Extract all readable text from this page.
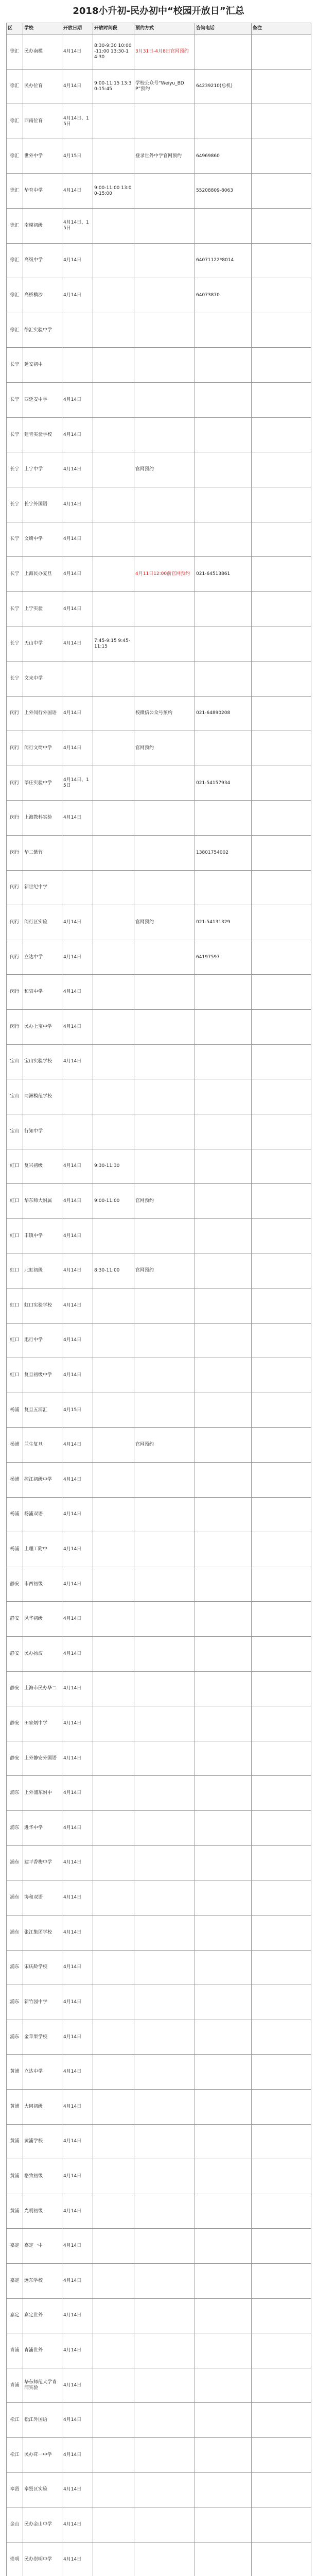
2018小升初-民办初中“校园开放日”汇总
区	学校	开放日期	开放时间段	预约方式	咨询电话	备注
徐汇	民办南模	4月14日	8:30-9:30 10:00-11:00 13:30-14:30	3月31日-4月8日官网预约		
徐汇	民办位育	4月14日	9:00-11:15 13:30-15:45	学校公众号“Weiyu_BDP”预约	64239210(总机)	
徐汇	西南位育	4月14日、15日				
徐汇	世外中学	4月15日		登录世外中学官网预约	64969860	
徐汇	华育中学	4月14日	9:00-11:00 13:00-15:00		55208809-8063	
徐汇	南模初级	4月14日、15日				
徐汇	高级中学	4月14日			64071122*8014	
徐汇	高桥横沙	4月14日			64073870	
徐汇	徐汇实验中学					
长宁	延安初中					
长宁	西延安中学	4月14日				
长宁	建青实验学校	4月14日				
长宁	上宁中学	4月14日		官网预约		
长宁	长宁外国语	4月14日				
长宁	文绮中学	4月14日				
长宁	上海民办复旦	4月14日		4月11日12:00前官网预约	021-64513861	
长宁	上宁实验	4月14日				
长宁	天山中学	4月14日	7:45-9:15 9:45-11:15			
长宁	文来中学					
闵行	上外闵行外国语	4月14日		校微信公众号预约	021-64890208	
闵行	闵行文绮中学	4月14日		官网预约		
闵行	莘庄实验中学	4月14日、15日			021-54157934	
闵行	上海教科实验	4月14日				
闵行	华二紫竹				13801754002	
闵行	新世纪中学					
闵行	闵行区实验	4月14日		官网预约	021-54131329	
闵行	立达中学	4月14日			64197597	
闵行	和衷中学	4月14日				
闵行	民办上宝中学	4月14日				
宝山	宝山实验学校	4月14日				
宝山	同洲模范学校					
宝山	行知中学					
虹口	复兴初级	4月14日	9:30-11:30			
虹口	华东师大附属	4月14日	9:00-11:00	官网预约		
虹口	丰镇中学	4月14日				
虹口	北虹初级	4月14日	8:30-11:00	官网预约		
虹口	虹口实验学校	4月14日				
虹口	迅行中学	4月14日				
虹口	复旦初级中学	4月14日				
杨浦	复旦五浦汇	4月15日				
杨浦	兰生复旦	4月14日		官网预约		
杨浦	控江初级中学	4月14日				
杨浦	杨浦双语	4月14日				
杨浦	上理工附中	4月14日				
静安	市西初级	4月14日				
静安	风华初级	4月14日				
静安	民办扬波	4月14日				
静安	上海市民办华二	4月14日				
静安	田家炳中学	4月14日				
静安	上外静安外国语	4月14日				
浦东	上外浦东附中	4月14日				
浦东	进华中学	4月14日				
浦东	建平香梅中学	4月14日				
浦东	协和双语	4月14日				
浦东	张江集团学校	4月14日				
浦东	宋庆龄学校	4月14日				
浦东	新竹园中学	4月14日				
浦东	金苹果学校	4月14日				
黄浦	立达中学	4月14日				
黄浦	大同初级	4月14日				
黄浦	黄浦学校	4月14日				
黄浦	格致初级	4月14日				
黄浦	光明初级	4月14日				
嘉定	嘉定一中	4月14日				
嘉定	远东学校	4月14日				
嘉定	嘉定世外	4月14日				
青浦	青浦世外	4月14日				
青浦	华东师范大学青浦实验	4月14日				
松江	松江外国语	4月14日				
松江	民办茸一中学	4月14日				
奉贤	奉贤区实验	4月14日				
金山	民办金山中学	4月14日				
崇明	民办崇明中学	4月14日				
